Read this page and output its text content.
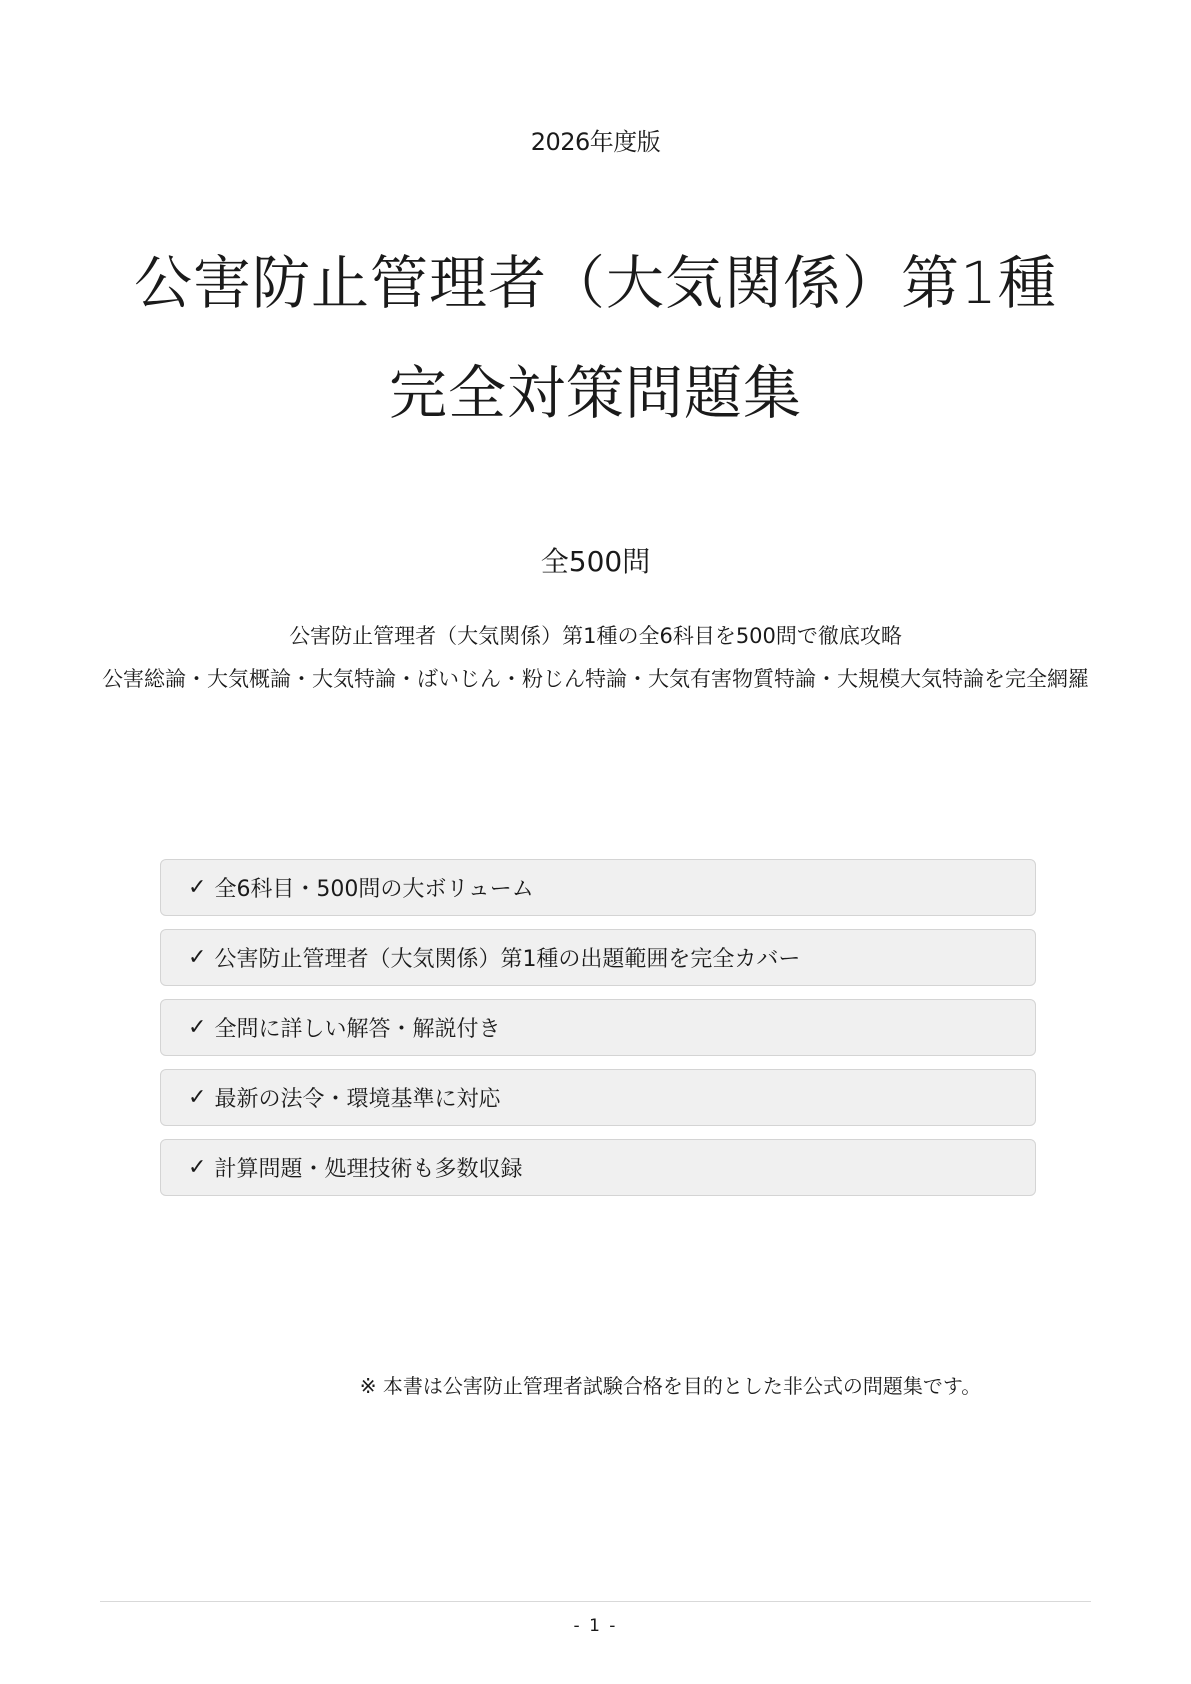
2026年度版
公害防止管理者（大気関係）第1種
完全対策問題集
全500問
公害防止管理者（大気関係）第1種の全6科目を500問で徹底攻略
公害総論・大気概論・大気特論・ばいじん・粉じん特論・大気有害物質特論・大規模大気特論を完全網羅
✓ 全6科目・500問の大ボリューム
✓ 公害防止管理者（大気関係）第1種の出題範囲を完全カバー
✓ 全問に詳しい解答・解説付き
✓ 最新の法令・環境基準に対応
✓ 計算問題・処理技術も多数収録
※ 本書は公害防止管理者試験合格を目的とした非公式の問題集です。
- 1 -
